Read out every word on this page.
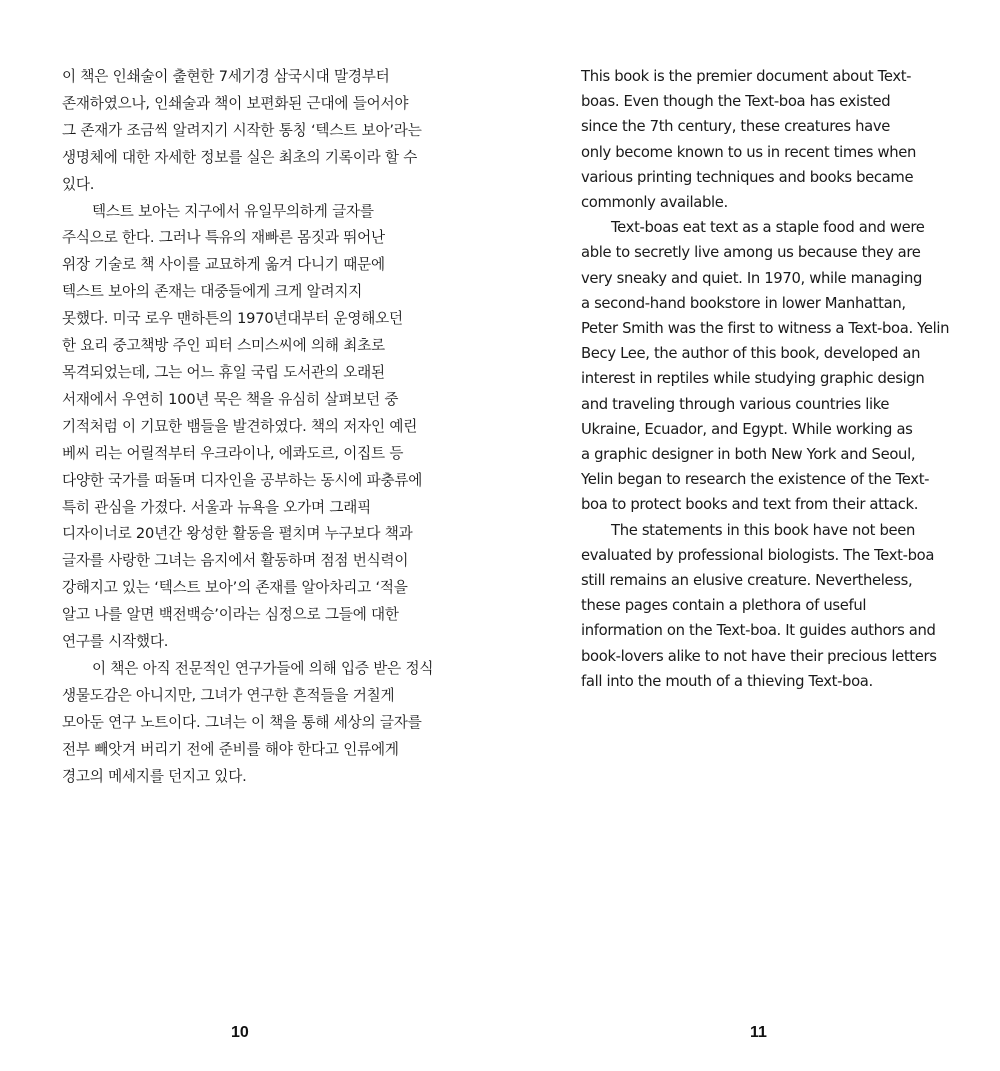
이 책은 인쇄술이 출현한 7세기경 삼국시대 말경부터
존재하였으나, 인쇄술과 책이 보편화된 근대에 들어서야
그 존재가 조금씩 알려지기 시작한 통칭 ‘텍스트 보아’라는
생명체에 대한 자세한 정보를 실은 최초의 기록이라 할 수
있다.

텍스트 보아는 지구에서 유일무의하게 글자를
주식으로 한다. 그러나 특유의 재빠른 몸짓과 뛰어난
위장 기술로 책 사이를 교묘하게 옮겨 다니기 때문에
텍스트 보아의 존재는 대중들에게 크게 알려지지
못했다. 미국 로우 맨하튼의 1970년대부터 운영해오던
한 요리 중고책방 주인 피터 스미스씨에 의해 최초로
목격되었는데, 그는 어느 휴일 국립 도서관의 오래된
서재에서 우연히 100년 묵은 책을 유심히 살펴보던 중
기적처럼 이 기묘한 뱀들을 발견하였다. 책의 저자인 예린
베씨 리는 어릴적부터 우크라이나, 에콰도르, 이집트 등
다양한 국가를 떠돌며 디자인을 공부하는 동시에 파충류에
특히 관심을 가졌다. 서울과 뉴욕을 오가며 그래픽
디자이너로 20년간 왕성한 활동을 펼치며 누구보다 책과
글자를 사랑한 그녀는 음지에서 활동하며 점점 번식력이
강해지고 있는 ‘텍스트 보아’의 존재를 알아차리고 ‘적을
알고 나를 알면 백전백승’이라는 심정으로 그들에 대한
연구를 시작했다.

이 책은 아직 전문적인 연구가들에 의해 입증 받은 정식
생물도감은 아니지만, 그녀가 연구한 흔적들을 거칠게
모아둔 연구 노트이다. 그녀는 이 책을 통해 세상의 글자를
전부 빼앗겨 버리기 전에 준비를 해야 한다고 인류에게
경고의 메세지를 던지고 있다.

10

This book is the premier document about Text-
boas. Even though the Text-boa has existed
since the 7th century, these creatures have
only become known to us in recent times when
various printing techniques and books became
commonly available.

Text-boas eat text as a staple food and were
able to secretly live among us because they are
very sneaky and quiet. In 1970, while managing
a second-hand bookstore in lower Manhattan,
Peter Smith was the first to witness a Text-boa. Yelin
Becy Lee, the author of this book, developed an
interest in reptiles while studying graphic design
and traveling through various countries like
Ukraine, Ecuador, and Egypt. While working as
a graphic designer in both New York and Seoul,
Yelin began to research the existence of the Text-
boa to protect books and text from their attack.

The statements in this book have not been
evaluated by professional biologists. The Text-boa
still remains an elusive creature. Nevertheless,
these pages contain a plethora of useful
information on the Text-boa. It guides authors and
book-lovers alike to not have their precious letters
fall into the mouth of a thieving Text-boa.

11
